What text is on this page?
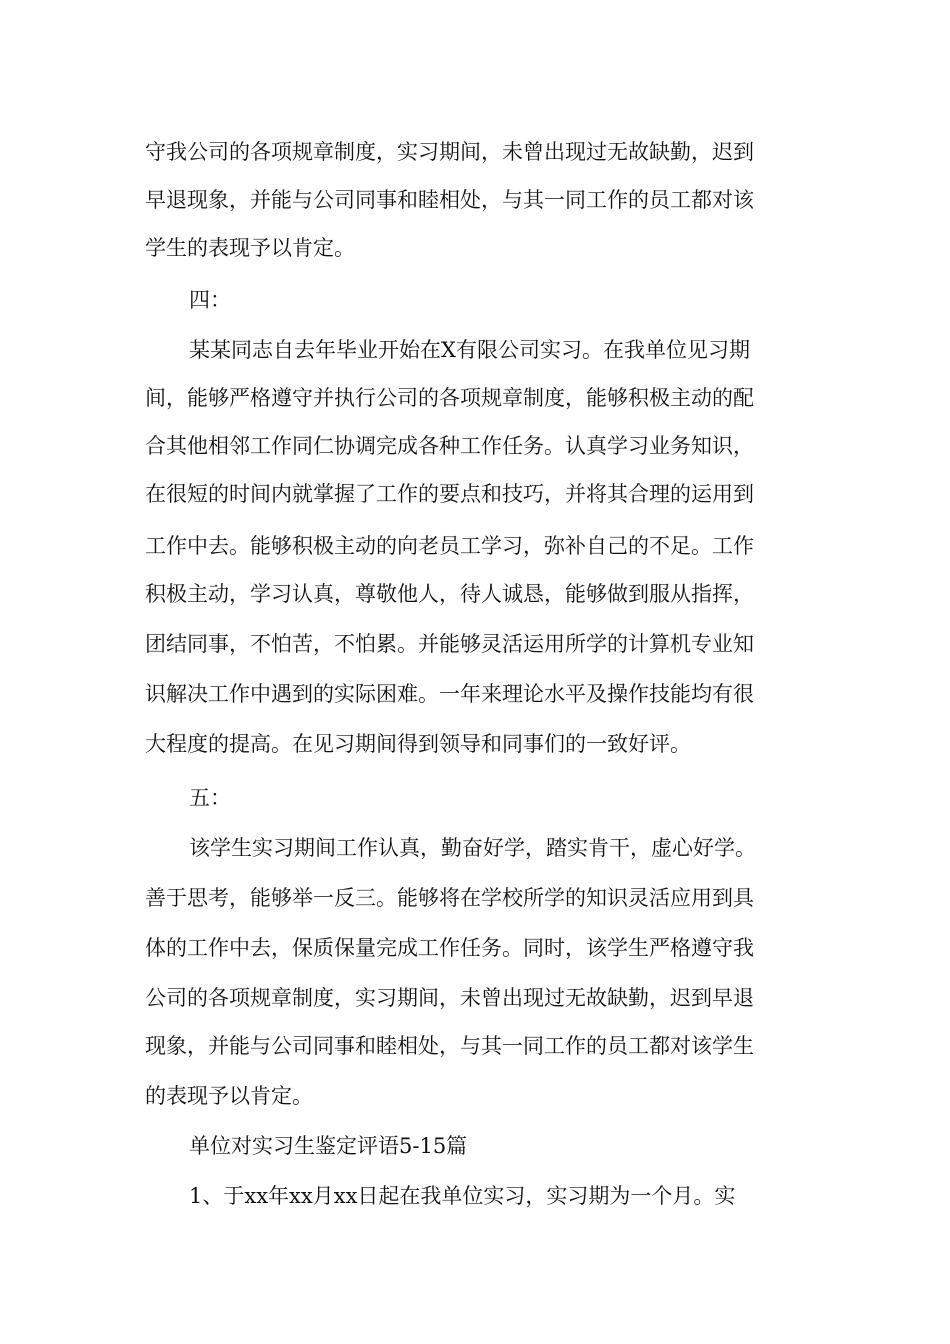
守我公司的各项规章制度，实习期间，未曾出现过无故缺勤，迟到
早退现象，并能与公司同事和睦相处，与其一同工作的员工都对该
学生的表现予以肯定。
四：
某某同志自去年毕业开始在X有限公司实习。在我单位见习期
间，能够严格遵守并执行公司的各项规章制度，能够积极主动的配
合其他相邻工作同仁协调完成各种工作任务。认真学习业务知识，
在很短的时间内就掌握了工作的要点和技巧，并将其合理的运用到
工作中去。能够积极主动的向老员工学习，弥补自己的不足。工作
积极主动，学习认真，尊敬他人，待人诚恳，能够做到服从指挥，
团结同事，不怕苦，不怕累。并能够灵活运用所学的计算机专业知
识解决工作中遇到的实际困难。一年来理论水平及操作技能均有很
大程度的提高。在见习期间得到领导和同事们的一致好评。
五：
该学生实习期间工作认真，勤奋好学，踏实肯干，虚心好学。
善于思考，能够举一反三。能够将在学校所学的知识灵活应用到具
体的工作中去，保质保量完成工作任务。同时，该学生严格遵守我
公司的各项规章制度，实习期间，未曾出现过无故缺勤，迟到早退
现象，并能与公司同事和睦相处，与其一同工作的员工都对该学生
的表现予以肯定。
单位对实习生鉴定评语5-15篇
1、于xx年xx月xx日起在我单位实习，实习期为一个月。实
